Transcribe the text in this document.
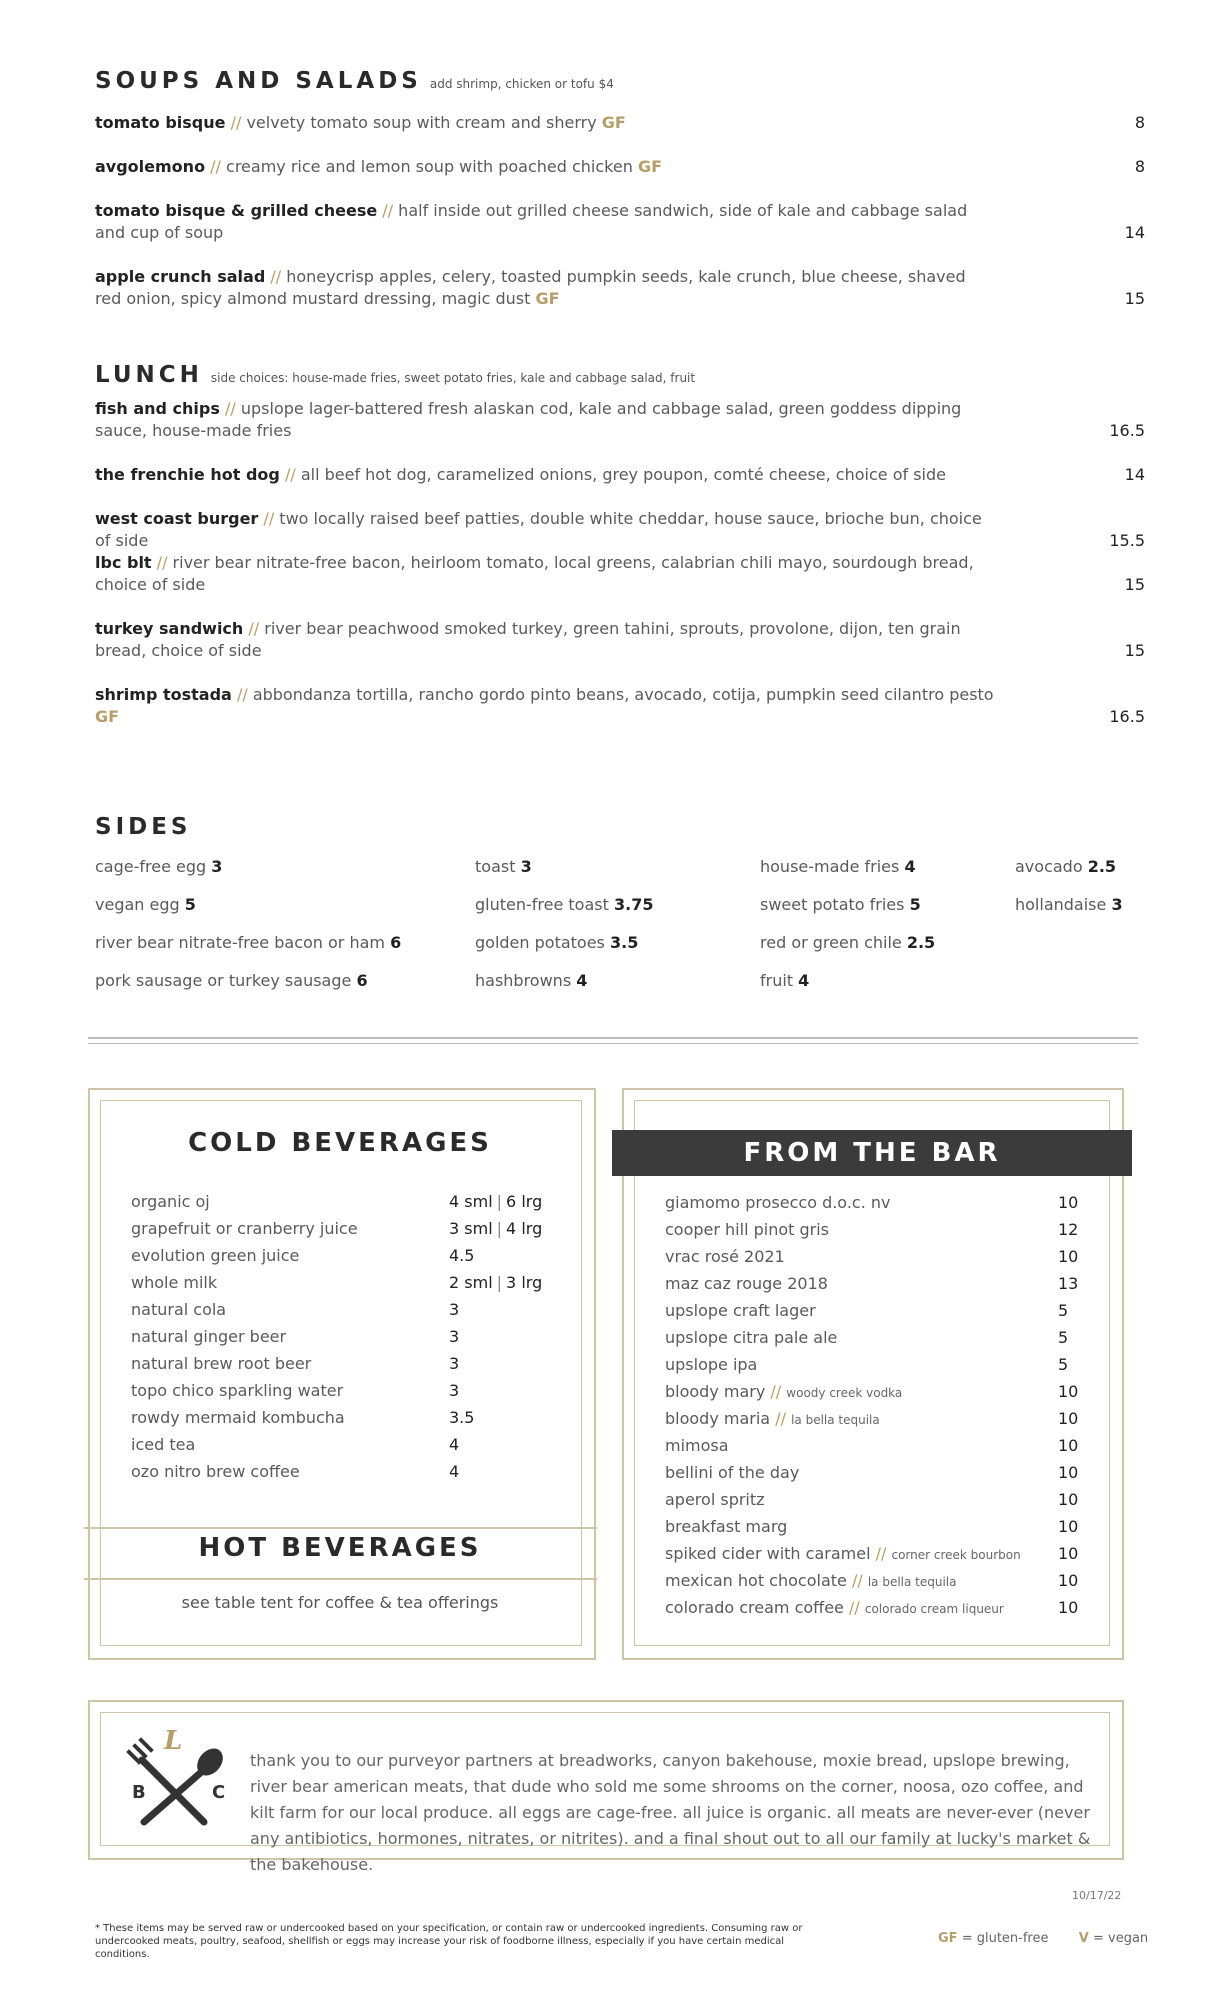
SOUPS AND SALADS add shrimp, chicken or tofu $4
tomato bisque // velvety tomato soup with cream and sherry GF	8
avgolemono // creamy rice and lemon soup with poached chicken GF	8
tomato bisque & grilled cheese // half inside out grilled cheese sandwich, side of kale and cabbage salad and cup of soup	14
apple crunch salad // honeycrisp apples, celery, toasted pumpkin seeds, kale crunch, blue cheese, shaved red onion, spicy almond mustard dressing, magic dust GF	15
LUNCH side choices: house-made fries, sweet potato fries, kale and cabbage salad, fruit
fish and chips // upslope lager-battered fresh alaskan cod, kale and cabbage salad, green goddess dipping sauce, house-made fries	16.5
the frenchie hot dog // all beef hot dog, caramelized onions, grey poupon, comté cheese, choice of side	14
west coast burger // two locally raised beef patties, double white cheddar, house sauce, brioche bun, choice of side	15.5
lbc blt // river bear nitrate-free bacon, heirloom tomato, local greens, calabrian chili mayo, sourdough bread, choice of side	15
turkey sandwich // river bear peachwood smoked turkey, green tahini, sprouts, provolone, dijon, ten grain bread, choice of side	15
shrimp tostada // abbondanza tortilla, rancho gordo pinto beans, avocado, cotija, pumpkin seed cilantro pesto GF	16.5
SIDES
cage-free egg 3
vegan egg 5
river bear nitrate-free bacon or ham 6
pork sausage or turkey sausage 6
toast 3
gluten-free toast 3.75
golden potatoes 3.5
hashbrowns 4
house-made fries 4
sweet potato fries 5
red or green chile 2.5
fruit 4
avocado 2.5
hollandaise 3
COLD BEVERAGES
organic oj	4 sml | 6 lrg
grapefruit or cranberry juice	3 sml | 4 lrg
evolution green juice	4.5
whole milk	2 sml | 3 lrg
natural cola	3
natural ginger beer	3
natural brew root beer	3
topo chico sparkling water	3
rowdy mermaid kombucha	3.5
iced tea	4
ozo nitro brew coffee	4
HOT BEVERAGES
see table tent for coffee & tea offerings
FROM THE BAR
giamomo prosecco d.o.c. nv	10
cooper hill pinot gris	12
vrac rosé 2021	10
maz caz rouge 2018	13
upslope craft lager	5
upslope citra pale ale	5
upslope ipa	5
bloody mary // woody creek vodka	10
bloody maria // la bella tequila	10
mimosa	10
bellini of the day	10
aperol spritz	10
breakfast marg	10
spiked cider with caramel // corner creek bourbon 10
mexican hot chocolate // la bella tequila	10
colorado cream coffee // colorado cream liqueur	10
L
B	C
thank you to our purveyor partners at breadworks, canyon bakehouse, moxie bread, upslope brewing, river bear american meats, that dude who sold me some shrooms on the corner, noosa, ozo coffee, and kilt farm for our local produce. all eggs are cage-free. all juice is organic. all meats are never-ever (never any antibiotics, hormones, nitrates, or nitrites). and a final shout out to all our family at lucky's market & the bakehouse.
10/17/22
* These items may be served raw or undercooked based on your specification, or contain raw or undercooked ingredients. Consuming raw or undercooked meats, poultry, seafood, shellfish or eggs may increase your risk of foodborne illness, especially if you have certain medical conditions.
GF = gluten-free V = vegan
